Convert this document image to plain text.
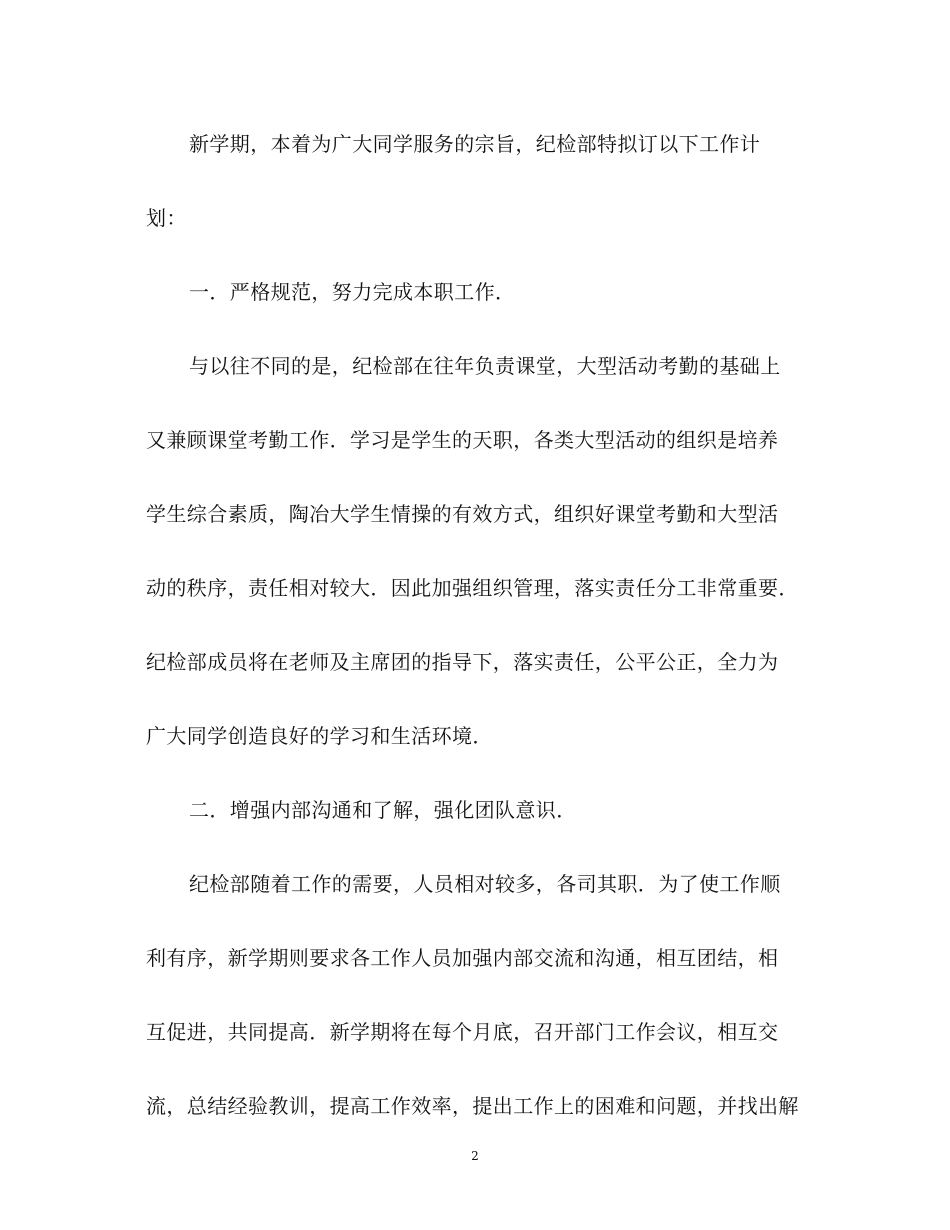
新学期，本着为广大同学服务的宗旨，纪检部特拟订以下工作计
划：
一．严格规范，努力完成本职工作．
与以往不同的是，纪检部在往年负责课堂，大型活动考勤的基础上
又兼顾课堂考勤工作．学习是学生的天职，各类大型活动的组织是培养
学生综合素质，陶冶大学生情操的有效方式，组织好课堂考勤和大型活
动的秩序，责任相对较大．因此加强组织管理，落实责任分工非常重要．
纪检部成员将在老师及主席团的指导下，落实责任，公平公正，全力为
广大同学创造良好的学习和生活环境．
二．增强内部沟通和了解，强化团队意识．
纪检部随着工作的需要，人员相对较多，各司其职．为了使工作顺
利有序，新学期则要求各工作人员加强内部交流和沟通，相互团结，相
互促进，共同提高．新学期将在每个月底，召开部门工作会议，相互交
流，总结经验教训，提高工作效率，提出工作上的困难和问题，并找出解
2
